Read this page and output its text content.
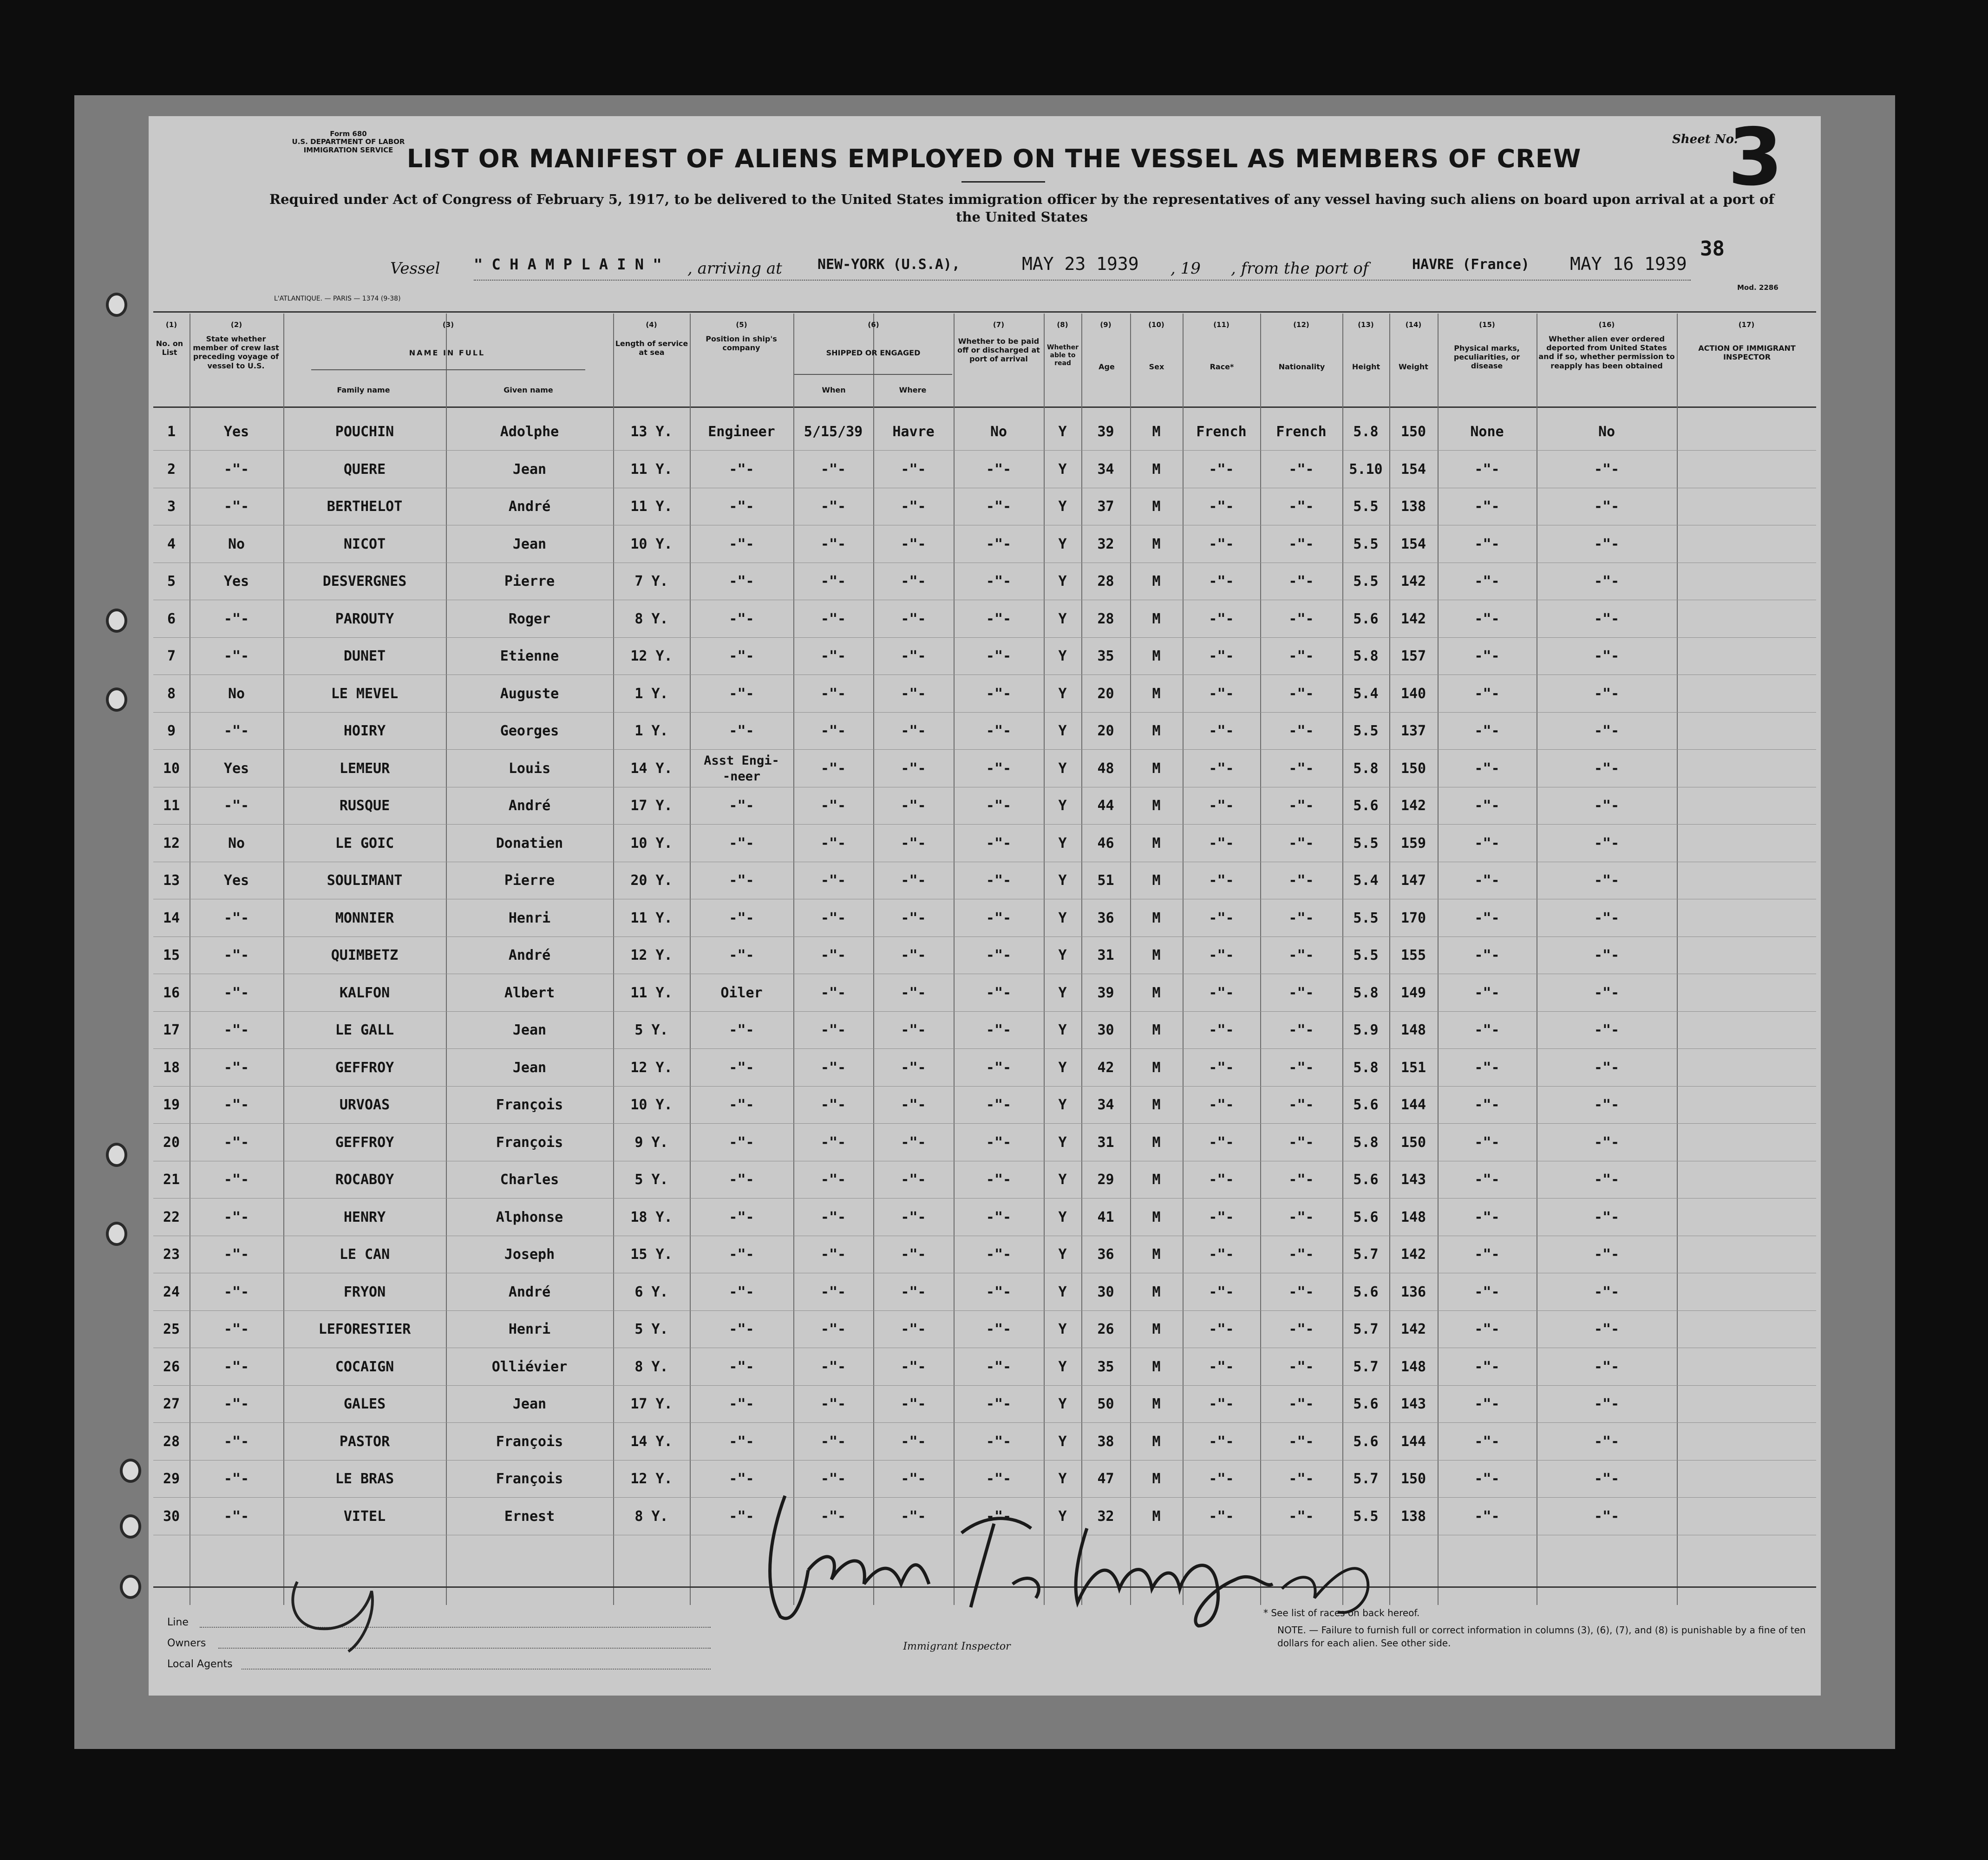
Form 680
U.S. DEPARTMENT OF LABOR
IMMIGRATION SERVICE
Sheet No.
3
38
LIST OR MANIFEST OF ALIENS EMPLOYED ON THE VESSEL AS MEMBERS OF CREW
Required under Act of Congress of February 5, 1917, to be delivered to the United States immigration officer by the representatives of any vessel having such aliens on board upon arrival at a port of the United States
Vessel " C H A M P L A I N " , arriving at	NEW-YORK (U.S.A),	MAY 23 1939 , 19 , from the port of	HAVRE (France) MAY 16 1939
L'ATLANTIQUE. — PARIS — 1374 (9-38)
Mod. 2286
(1)	(2)	(3)	(4)	(5)	(6)	(7)	(8)	(9)	(10)	(11)	(12)	(13)	(14)	(15)	(16)	(17)
No. on List
State whether member of crew last preceding voyage of vessel to U.S.
NAME IN FULL
Family name	Given name
Length of service at sea
Position in ship's company
SHIPPED OR ENGAGED
When	Where
Whether to be paid off or discharged at port of arrival
Whether able to read	Age	Sex	Race*	Nationality	Height	Weight
Physical marks, peculiarities, or disease
Whether alien ever ordered deported from United States and if so, whether permission to reapply has been obtained
ACTION OF IMMIGRANT INSPECTOR
1	Yes	POUCHIN	Adolphe	13 Y.	Engineer	5/15/39	Havre	No	Y	39	M	French	French	5.8	150	None	No
2	-"-	QUERE	Jean	11 Y.	-"-	-"-	-"-	-"-	Y	34	M	-"-	-"-	5.10	154	-"-	-"-
3	-"-	BERTHELOT	André	11 Y.	-"-	-"-	-"-	-"-	Y	37	M	-"-	-"-	5.5	138	-"-	-"-
4	No	NICOT	Jean	10 Y.	-"-	-"-	-"-	-"-	Y	32	M	-"-	-"-	5.5	154	-"-	-"-
5	Yes	DESVERGNES	Pierre	7 Y.	-"-	-"-	-"-	-"-	Y	28	M	-"-	-"-	5.5	142	-"-	-"-
6	-"-	PAROUTY	Roger	8 Y.	-"-	-"-	-"-	-"-	Y	28	M	-"-	-"-	5.6	142	-"-	-"-
7	-"-	DUNET	Etienne	12 Y.	-"-	-"-	-"-	-"-	Y	35	M	-"-	-"-	5.8	157	-"-	-"-
8	No	LE MEVEL	Auguste	1 Y.	-"-	-"-	-"-	-"-	Y	20	M	-"-	-"-	5.4	140	-"-	-"-
9	-"-	HOIRY	Georges	1 Y.	-"-	-"-	-"-	-"-	Y	20	M	-"-	-"-	5.5	137	-"-	-"-
10	Yes	LEMEUR	Louis	14 Y.	Asst Engi-
-neer	-"-	-"-	-"-	Y	48	M	-"-	-"-	5.8	150	-"-	-"-
11	-"-	RUSQUE	André	17 Y.	-"-	-"-	-"-	-"-	Y	44	M	-"-	-"-	5.6	142	-"-	-"-
12	No	LE GOIC	Donatien	10 Y.	-"-	-"-	-"-	-"-	Y	46	M	-"-	-"-	5.5	159	-"-	-"-
13	Yes	SOULIMANT	Pierre	20 Y.	-"-	-"-	-"-	-"-	Y	51	M	-"-	-"-	5.4	147	-"-	-"-
14	-"-	MONNIER	Henri	11 Y.	-"-	-"-	-"-	-"-	Y	36	M	-"-	-"-	5.5	170	-"-	-"-
15	-"-	QUIMBETZ	André	12 Y.	-"-	-"-	-"-	-"-	Y	31	M	-"-	-"-	5.5	155	-"-	-"-
16	-"-	KALFON	Albert	11 Y.	Oiler	-"-	-"-	-"-	Y	39	M	-"-	-"-	5.8	149	-"-	-"-
17	-"-	LE GALL	Jean	5 Y.	-"-	-"-	-"-	-"-	Y	30	M	-"-	-"-	5.9	148	-"-	-"-
18	-"-	GEFFROY	Jean	12 Y.	-"-	-"-	-"-	-"-	Y	42	M	-"-	-"-	5.8	151	-"-	-"-
19	-"-	URVOAS	François	10 Y.	-"-	-"-	-"-	-"-	Y	34	M	-"-	-"-	5.6	144	-"-	-"-
20	-"-	GEFFROY	François	9 Y.	-"-	-"-	-"-	-"-	Y	31	M	-"-	-"-	5.8	150	-"-	-"-
21	-"-	ROCABOY	Charles	5 Y.	-"-	-"-	-"-	-"-	Y	29	M	-"-	-"-	5.6	143	-"-	-"-
22	-"-	HENRY	Alphonse	18 Y.	-"-	-"-	-"-	-"-	Y	41	M	-"-	-"-	5.6	148	-"-	-"-
23	-"-	LE CAN	Joseph	15 Y.	-"-	-"-	-"-	-"-	Y	36	M	-"-	-"-	5.7	142	-"-	-"-
24	-"-	FRYON	André	6 Y.	-"-	-"-	-"-	-"-	Y	30	M	-"-	-"-	5.6	136	-"-	-"-
25	-"-	LEFORESTIER	Henri	5 Y.	-"-	-"-	-"-	-"-	Y	26	M	-"-	-"-	5.7	142	-"-	-"-
26	-"-	COCAIGN	Olliévier	8 Y.	-"-	-"-	-"-	-"-	Y	35	M	-"-	-"-	5.7	148	-"-	-"-
27	-"-	GALES	Jean	17 Y.	-"-	-"-	-"-	-"-	Y	50	M	-"-	-"-	5.6	143	-"-	-"-
28	-"-	PASTOR	François	14 Y.	-"-	-"-	-"-	-"-	Y	38	M	-"-	-"-	5.6	144	-"-	-"-
29	-"-	LE BRAS	François	12 Y.	-"-	-"-	-"-	-"-	Y	47	M	-"-	-"-	5.7	150	-"-	-"-
30	-"-	VITEL	Ernest	8 Y.	-"-	-"-	-"-	-"-	Y	32	M	-"-	-"-	5.5	138	-"-	-"-
Line
Owners
Local Agents
Immigrant Inspector
* See list of races on back hereof.
NOTE. — Failure to furnish full or correct information in columns (3), (6), (7), and (8) is punishable by a fine of ten dollars for each alien. See other side.
